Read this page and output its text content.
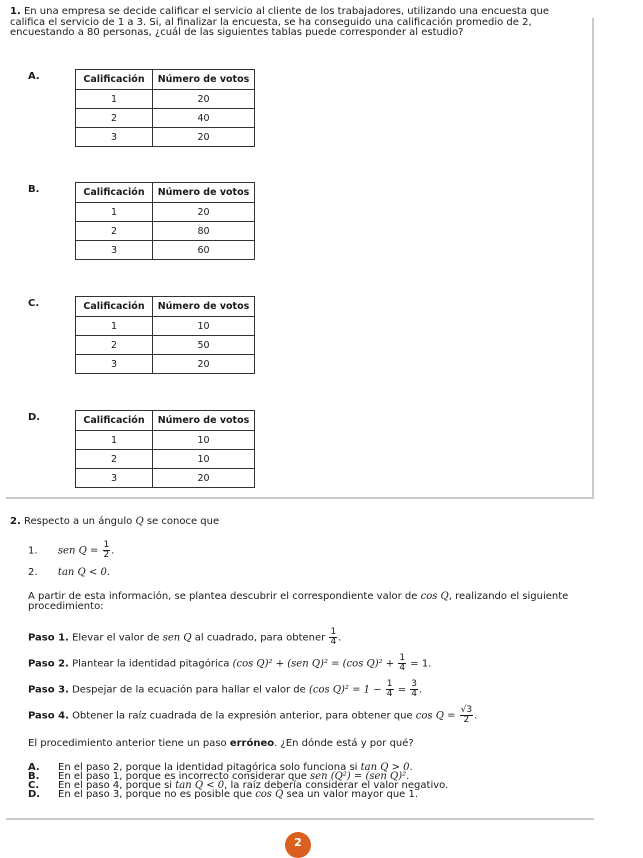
1. En una empresa se decide calificar el servicio al cliente de los trabajadores, utilizando una encuesta que califica el servicio de 1 a 3. Si, al finalizar la encuesta, se ha conseguido una calificación promedio de 2, encuestando a 80 personas, ¿cuál de las siguientes tablas puede corresponder al estudio?
A.	Calificación	Número de votos
1	20
2	40
3	20
B.	Calificación	Número de votos
1	20
2	80
3	60
C.	Calificación	Número de votos
1	10
2	50
3	20
D.	Calificación	Número de votos
1	10
2	10
3	20
2. Respecto a un ángulo Q se conoce que
1. sen $Q = \frac{1}{2}$ .
2. tan Q < 0.
A partir de esta información, se plantea descubrir el correspondiente valor de cos Q, realizando el siguiente procedimiento:
Paso 1. Elevar el valor de sen Q al cuadrado, para obtener $\frac{1}{4}$ .
Paso 2. Plantear la identidad pitagórica (cos Q)² + (sen Q)² = (cos $Q)^2 + \frac{1}{4} = 1$.
Paso 3. Despejar de la ecuación para hallar el valor de (cos $Q)^2 = 1 - \frac{1}{4} = \frac{3}{4}$ .
Paso 4. Obtener la raíz cuadrada de la expresión anterior, para obtener que $\cos Q = \frac{√3}{2}$ .
El procedimiento anterior tiene un paso erróneo. ¿En dónde está y por qué?
A. En el paso 2, porque la identidad pitagórica solo funciona si tan Q > 0.
B. En el paso 1, porque es incorrecto considerar que sen (Q²) = (sen Q)².
C. En el paso 4, porque si tan Q < 0, la raíz debería considerar el valor negativo.
D. En el paso 3, porque no es posible que cos Q sea un valor mayor que 1.
2
